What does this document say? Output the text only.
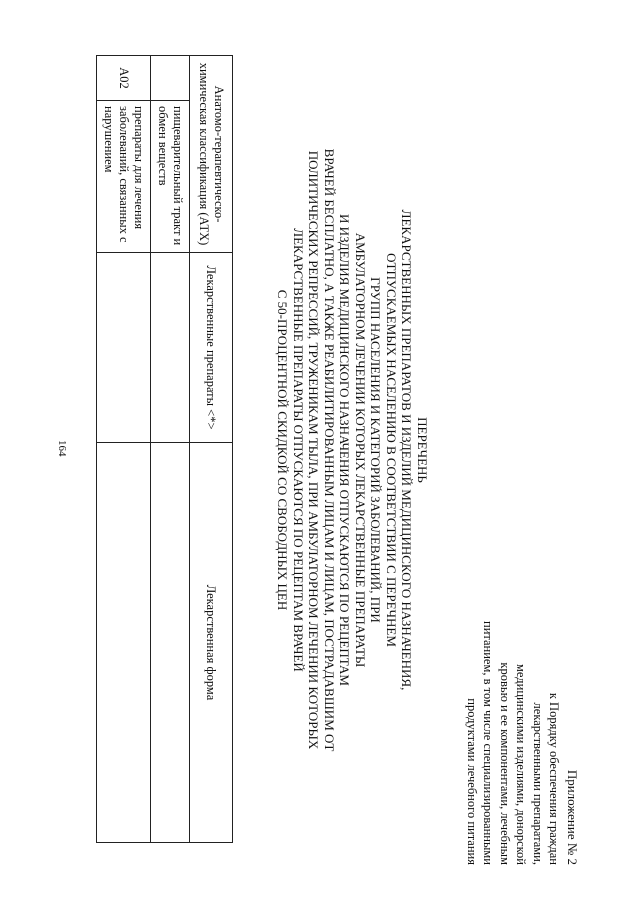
Приложение № 2
к Порядку обеспечения граждан
лекарственными препаратами,
медицинскими изделиями, донорской
кровью и ее компонентами, лечебным
питанием, в том числе специализированными
продуктами лечебного питания
ПЕРЕЧЕНЬ
ЛЕКАРСТВЕННЫХ ПРЕПАРАТОВ И ИЗДЕЛИЙ МЕДИЦИНСКОГО НАЗНАЧЕНИЯ,
ОТПУСКАЕМЫХ НАСЕЛЕНИЮ В СООТВЕТСТВИИ С ПЕРЕЧНЕМ
ГРУПП НАСЕЛЕНИЯ И КАТЕГОРИЙ ЗАБОЛЕВАНИЙ, ПРИ
АМБУЛАТОРНОМ ЛЕЧЕНИИ КОТОРЫХ ЛЕКАРСТВЕННЫЕ ПРЕПАРАТЫ
И ИЗДЕЛИЯ МЕДИЦИНСКОГО НАЗНАЧЕНИЯ ОТПУСКАЮТСЯ ПО РЕЦЕПТАМ
ВРАЧЕЙ БЕСПЛАТНО, А ТАКЖЕ РЕАБИЛИТИРОВАННЫМ ЛИЦАМ И ЛИЦАМ, ПОСТРАДАВШИМ ОТ
ПОЛИТИЧЕСКИХ РЕПРЕССИЙ, ТРУЖЕНИКАМ ТЫЛА, ПРИ АМБУЛАТОРНОМ ЛЕЧЕНИИ КОТОРЫХ
ЛЕКАРСТВЕННЫЕ ПРЕПАРАТЫ ОТПУСКАЮТСЯ ПО РЕЦЕПТАМ ВРАЧЕЙ
С 50-ПРОЦЕНТНОЙ СКИДКОЙ СО СВОБОДНЫХ ЦЕН
Анатомо-терапевтическо-химическая классификация (АТХ)		Лекарственные препараты <*>	Лекарственная форма
	пищеварительный тракт и обмен веществ		
A02	препараты для лечения заболеваний, связанных с нарушением		
164
